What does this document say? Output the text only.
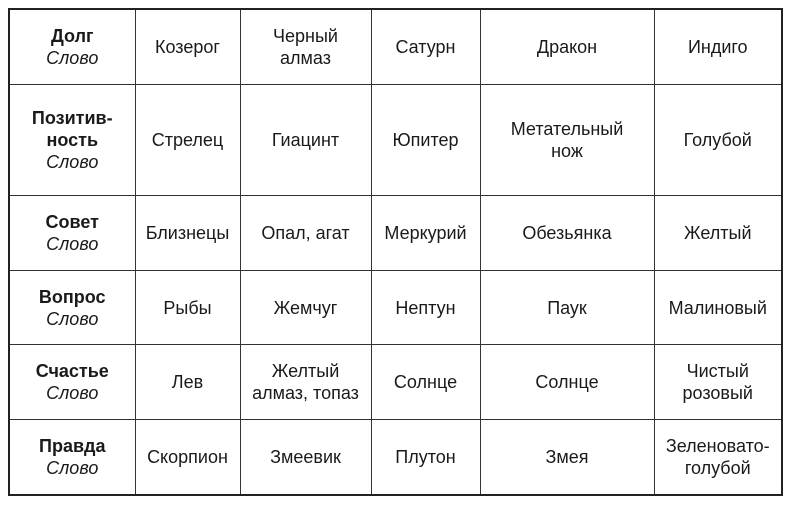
Долг
Слово	Козерог	Черный
алмаз	Сатурн	Дракон	Индиго

Позитив-
ность
Слово	Стрелец	Гиацинт	Юпитер	Метательный
нож	Голубой

Совет
Слово	Близнецы	Опал, агат	Меркурий	Обезьянка	Желтый

Вопрос
Слово	Рыбы	Жемчуг	Нептун	Паук	Малиновый

Счастье
Слово	Лев	Желтый
алмаз, топаз	Солнце	Солнце	Чистый
розовый

Правда
Слово	Скорпион	Змеевик	Плутон	Змея	Зеленовато-
голубой
